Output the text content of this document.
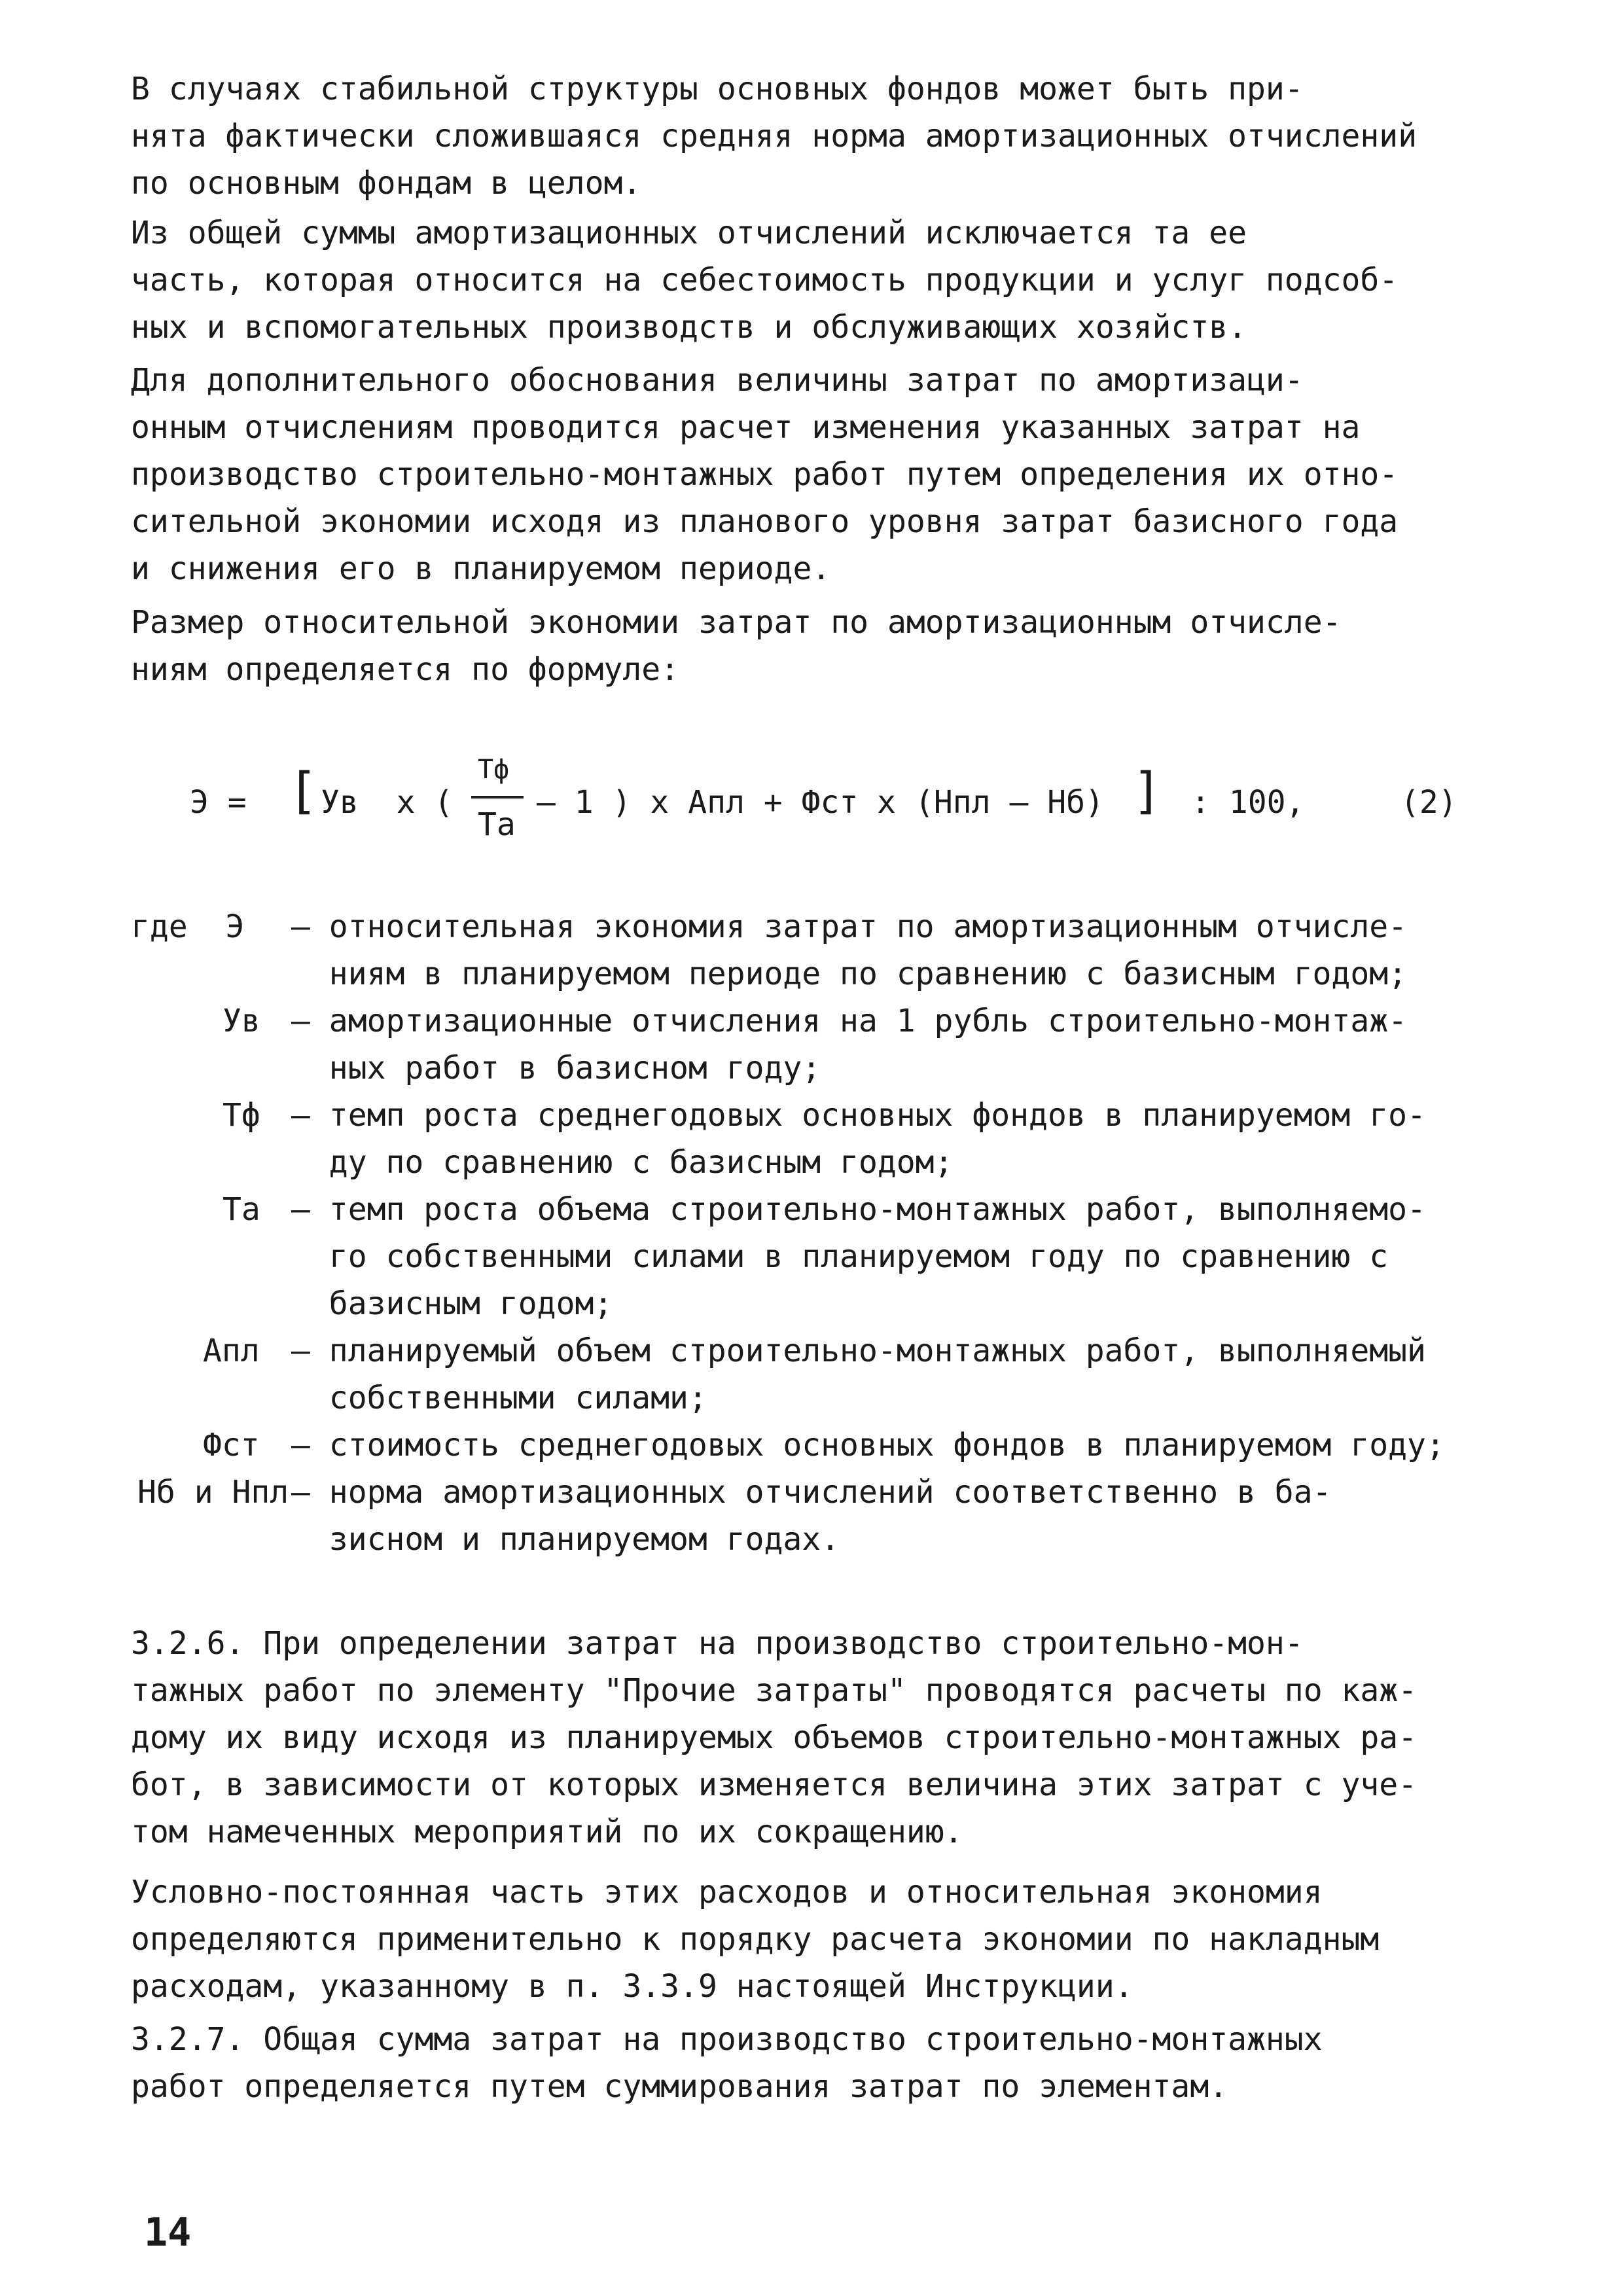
В случаях стабильной структуры основных фондов может быть при-
нята фактически сложившаяся средняя норма амортизационных отчислений
по основным фондам в целом.

Из общей суммы амортизационных отчислений исключается та ее
часть, которая относится на себестоимость продукции и услуг подсоб-
ных и вспомогательных производств и обслуживающих хозяйств.

Для дополнительного обоснования величины затрат по амортизаци-
онным отчислениям проводится расчет изменения указанных затрат на
производство строительно-монтажных работ путем определения их отно-
сительной экономии исходя из планового уровня затрат базисного года
и снижения его в планируемом периоде.

Размер относительной экономии затрат по амортизационным отчисле-
ниям определяется по формуле:

Э = [ Ув  х (
Тф
Та
– 1 ) х Апл + Фст х (Нпл – Нб) ] : 100,	(2)
где  Э – относительная экономия затрат по амортизационным отчисле-
ниям в планируемом периоде по сравнению с базисным годом;
Ув – амортизационные отчисления на 1 рубль строительно-монтаж-
ных работ в базисном году;
Тф – темп роста среднегодовых основных фондов в планируемом го-
ду по сравнению с базисным годом;
Та – темп роста объема строительно-монтажных работ, выполняемо-
го собственными силами в планируемом году по сравнению с
базисным годом;
Апл – планируемый объем строительно-монтажных работ, выполняемый
собственными силами;
Фст – стоимость среднегодовых основных фондов в планируемом году;
Нб и Нпл – норма амортизационных отчислений соответственно в ба-
зисном и планируемом годах.

3.2.6. При определении затрат на производство строительно-мон-
тажных работ по элементу "Прочие затраты" проводятся расчеты по каж-
дому их виду исходя из планируемых объемов строительно-монтажных ра-
бот, в зависимости от которых изменяется величина этих затрат с уче-
том намеченных мероприятий по их сокращению.

Условно-постоянная часть этих расходов и относительная экономия
определяются применительно к порядку расчета экономии по накладным
расходам, указанному в п. 3.3.9 настоящей Инструкции.

3.2.7. Общая сумма затрат на производство строительно-монтажных
работ определяется путем суммирования затрат по элементам.

14
